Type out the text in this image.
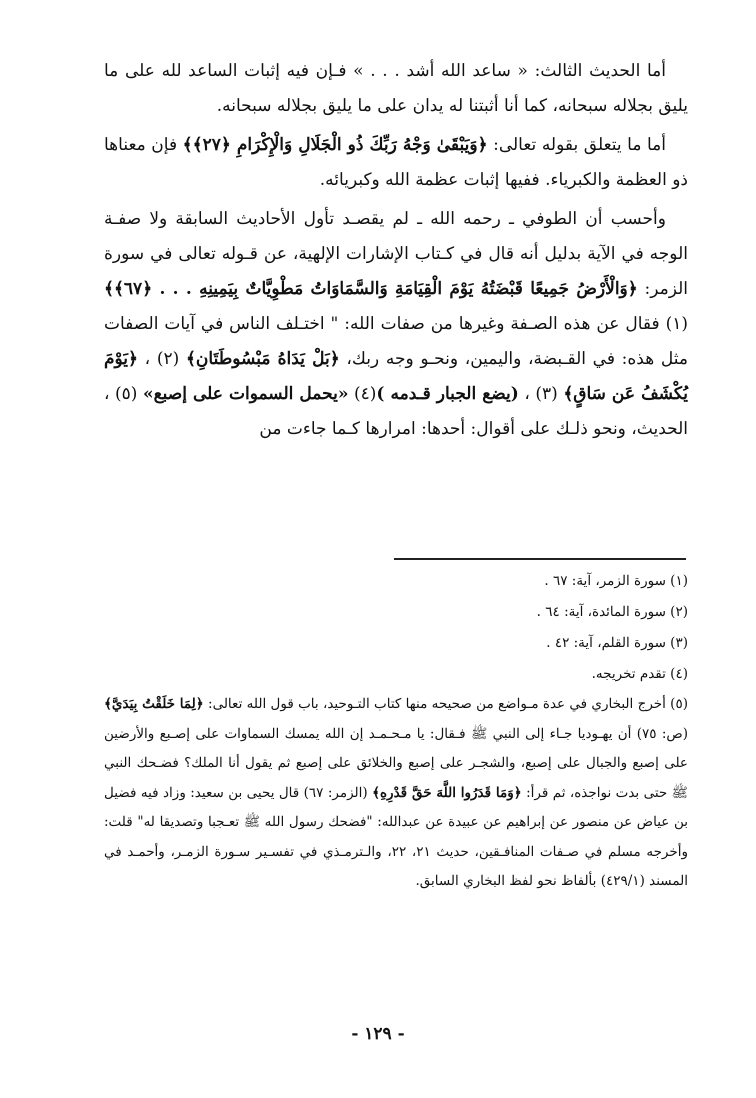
أما الحديث الثالث: « ساعد الله أشد . . . » فـإن فيه إثبات الساعد لله على ما يليق بجلاله سبحانه، كما أنا أثبتنا له يدان على ما يليق بجلاله سبحانه.

أما ما يتعلق بقوله تعالى: ﴿وَيَبْقَىٰ وَجْهُ رَبِّكَ ذُو الْجَلَالِ وَالْإِكْرَامِ ﴿٢٧﴾﴾ فإن معناها ذو العظمة والكبرياء. ففيها إثبات عظمة الله وكبريائه.

وأحسب أن الطوفي ـ رحمه الله ـ لم يقصـد تأول الأحاديث السابقة ولا صفـة الوجه في الآية بدليل أنه قال في كـتاب الإشارات الإلهية، عن قـوله تعالى في سورة الزمر: ﴿وَالْأَرْضُ جَمِيعًا قَبْضَتُهُ يَوْمَ الْقِيَامَةِ وَالسَّمَاوَاتُ مَطْوِيَّاتٌ بِيَمِينِهِ . . . ﴿٦٧﴾﴾ (١) فقال عن هذه الصـفة وغيرها من صفات الله: " اختـلف الناس في آيات الصفات مثل هذه: في القـبضة، واليمين، ونحـو وجه ربك، ﴿بَلْ يَدَاهُ مَبْسُوطَتَانِ﴾ (٢) ، ﴿يَوْمَ يُكْشَفُ عَن سَاقٍ﴾ (٣) ، (يضع الجبار قـدمه )(٤) «يحمل السموات على إصبع» (٥) ، الحديث، ونحو ذلـك على أقوال: أحدها: امرارها كـما جاءت من

(١) سورة الزمر، آية: ٦٧ .

(٢) سورة المائدة، آية: ٦٤ .

(٣) سورة القلم، آية: ٤٢ .

(٤) تقدم تخريجه.

(٥) أخرج البخاري في عدة مـواضع من صحيحه منها كتاب التـوحيد، باب قول الله تعالى: ﴿لِمَا خَلَقْتُ بِيَدَيَّ﴾ (ص: ٧٥) أن يهـوديا جـاء إلى النبي ﷺ فـقال: يا مـحـمـد إن الله يمسك السماوات على إصـبع والأرضين على إصبع والجبال على إصبع، والشجـر على إصبع والخلائق على إصبع ثم يقول أنا الملك؟ فضـحك النبي ﷺ حتى بدت نواجذه، ثم قرأ: ﴿وَمَا قَدَرُوا اللَّهَ حَقَّ قَدْرِهِ﴾ (الزمر: ٦٧) قال يحيى بن سعيد: وزاد فيه فضيل بن عياض عن منصور عن إبراهيم عن عبيدة عن عبدالله: "فضحك رسول الله ﷺ تعـجبا وتصديقا له" قلت: وأخرجه مسلم في صـفات المنافـقين، حديث ٢١، ٢٢، والـترمـذي في تفسـير سـورة الزمـر، وأحمـد في المسند (٤٢٩/١) بألفاظ نحو لفظ البخاري السابق.

- ١٢٩ -
